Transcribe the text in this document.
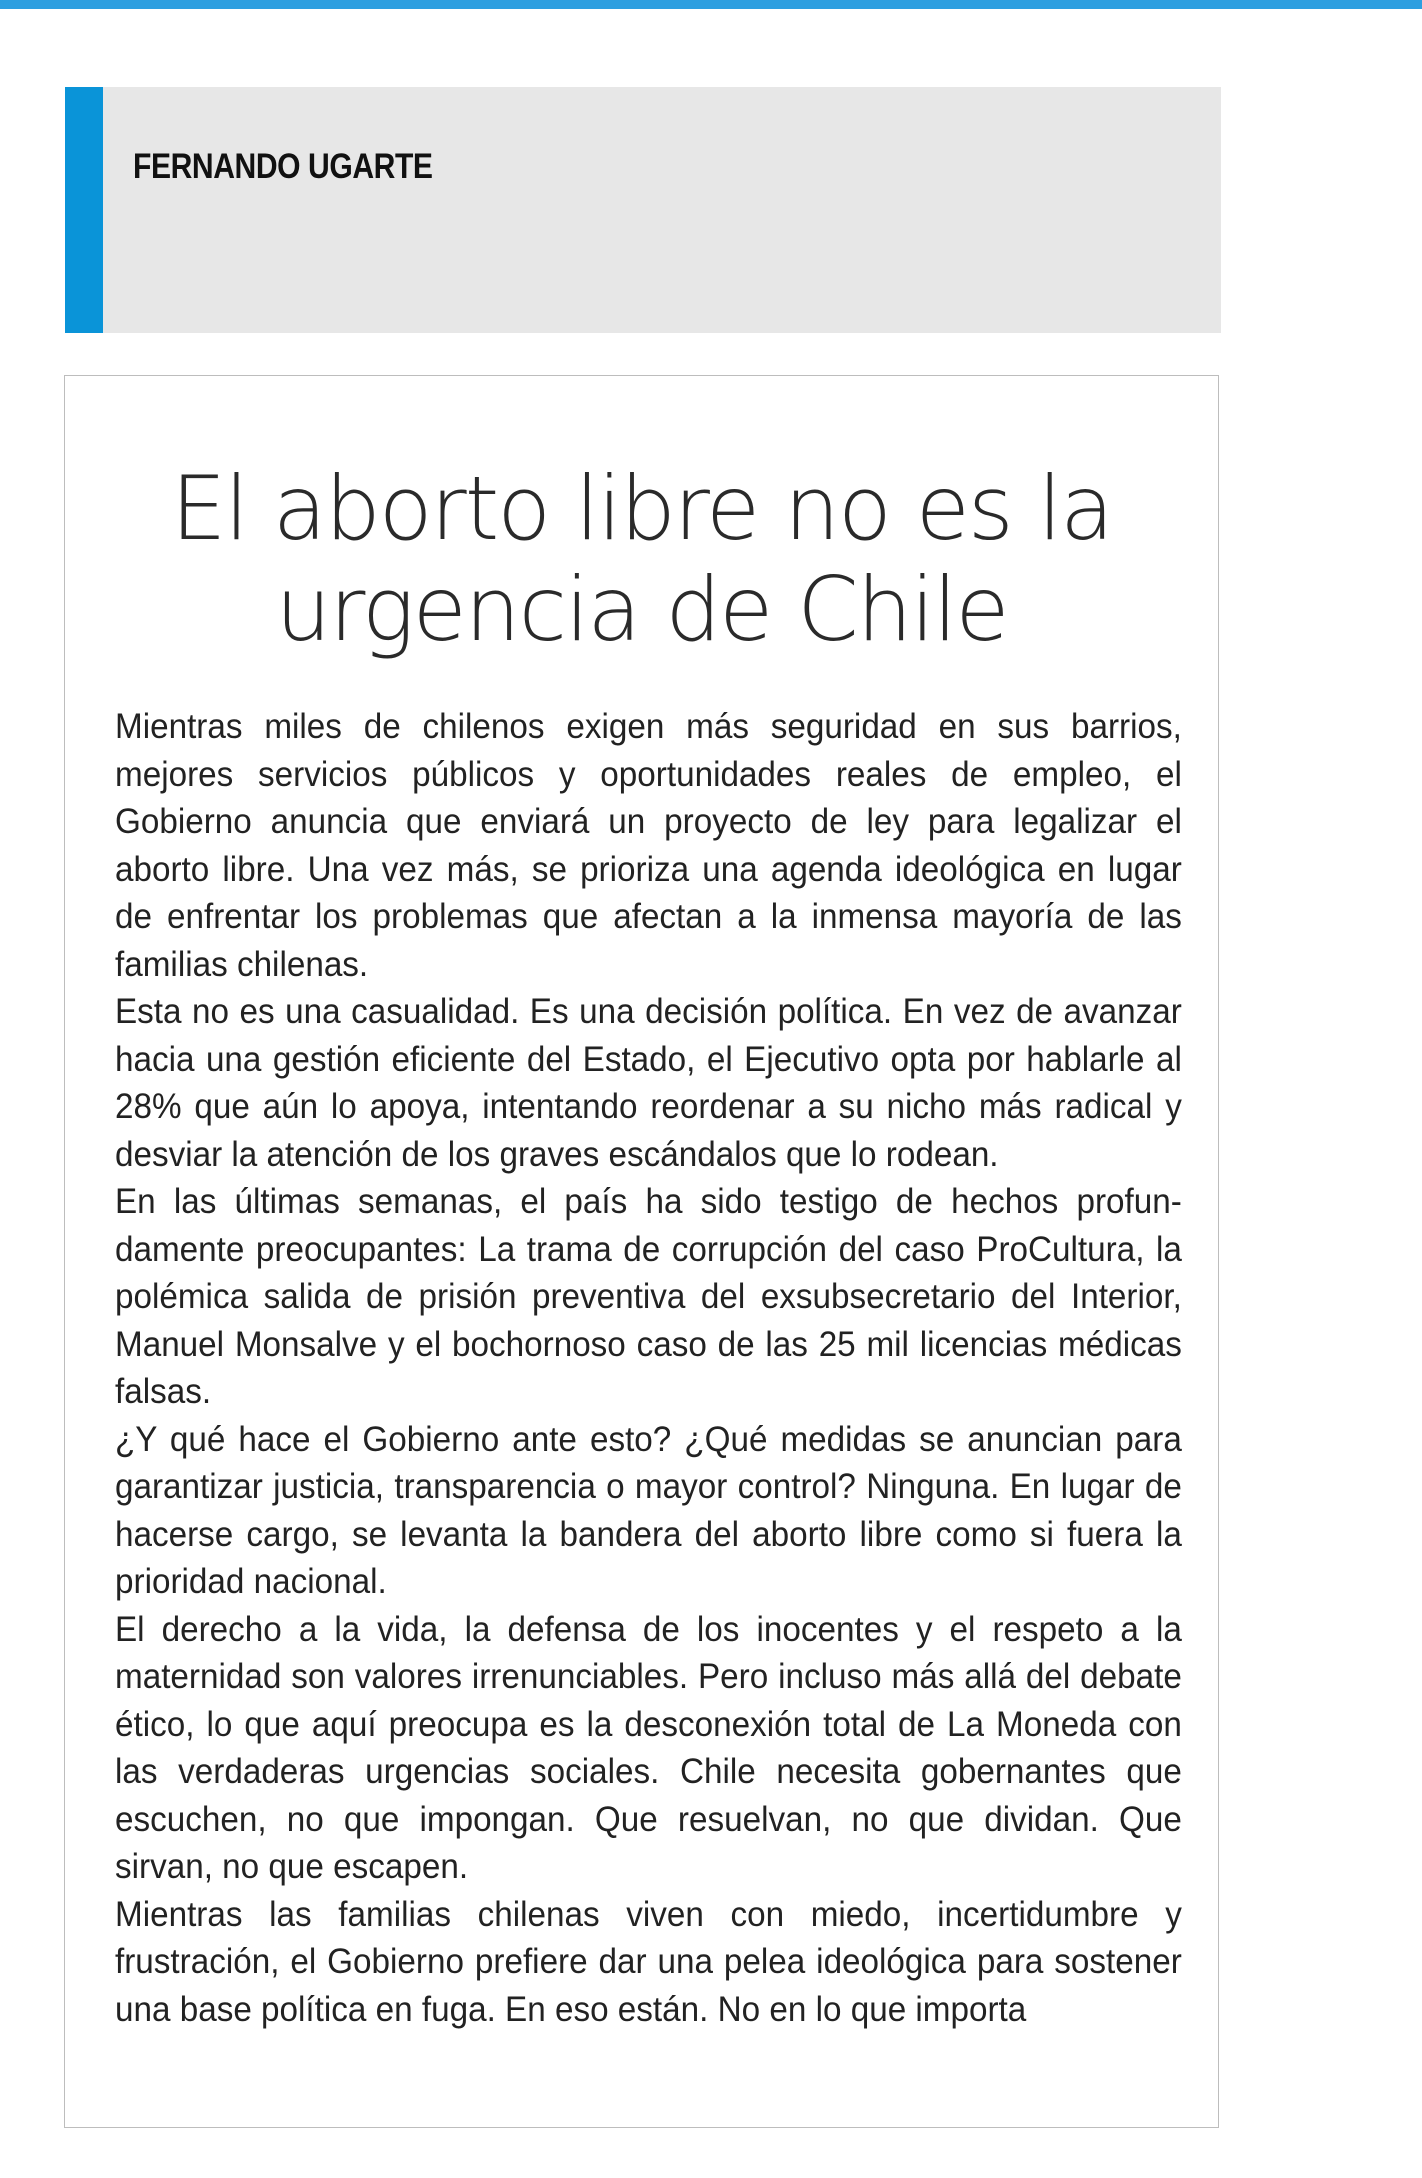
FERNANDO UGARTE
El aborto libre no es la
urgencia de Chile

Mientras miles de chilenos exigen más seguridad en sus barrios, mejores servicios públicos y oportunidades reales de empleo, el Gobierno anuncia que enviará un proyecto de ley para legalizar el aborto libre. Una vez más, se prioriza una agenda ideológica en lugar de enfrentar los problemas que afectan a la inmensa mayoría de las familias chilenas.

Esta no es una casualidad. Es una decisión política. En vez de avanzar hacia una gestión eficiente del Estado, el Ejecutivo opta por hablarle al 28% que aún lo apoya, intentando reordenar a su nicho más radical y desviar la atención de los graves escándalos que lo rodean.

En las últimas semanas, el país ha sido testigo de hechos profundamente preocupantes: La trama de corrupción del caso ProCultura, la polémica salida de prisión preventiva del exsubsecretario del Interior, Manuel Monsalve y el bochornoso caso de las 25 mil licencias médicas falsas.

¿Y qué hace el Gobierno ante esto? ¿Qué medidas se anuncian para garantizar justicia, transparencia o mayor control? Ninguna. En lugar de hacerse cargo, se levanta la bandera del aborto libre como si fuera la prioridad nacional.

El derecho a la vida, la defensa de los inocentes y el respeto a la maternidad son valores irrenunciables. Pero incluso más allá del debate ético, lo que aquí preocupa es la desconexión total de La Moneda con las verdaderas urgencias sociales. Chile necesita gobernantes que escuchen, no que impongan. Que resuelvan, no que dividan. Que sirvan, no que escapen.

Mientras las familias chilenas viven con miedo, incertidumbre y frustración, el Gobierno prefiere dar una pelea ideológica para sostener una base política en fuga. En eso están. No en lo que importa
